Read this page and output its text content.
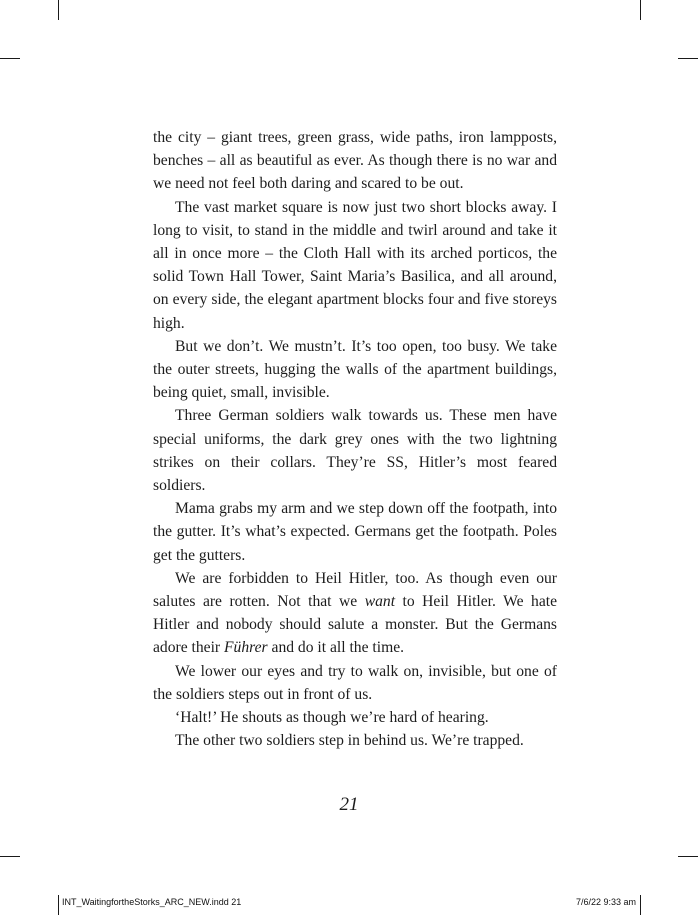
the city – giant trees, green grass, wide paths, iron lampposts, benches – all as beautiful as ever. As though there is no war and we need not feel both daring and scared to be out.

The vast market square is now just two short blocks away. I long to visit, to stand in the middle and twirl around and take it all in once more – the Cloth Hall with its arched porticos, the solid Town Hall Tower, Saint Maria’s Basilica, and all around, on every side, the elegant apartment blocks four and five storeys high.

But we don’t. We mustn’t. It’s too open, too busy. We take the outer streets, hugging the walls of the apartment buildings, being quiet, small, invisible.

Three German soldiers walk towards us. These men have special uniforms, the dark grey ones with the two lightning strikes on their collars. They’re SS, Hitler’s most feared soldiers.

Mama grabs my arm and we step down off the footpath, into the gutter. It’s what’s expected. Germans get the footpath. Poles get the gutters.

We are forbidden to Heil Hitler, too. As though even our salutes are rotten. Not that we want to Heil Hitler. We hate Hitler and nobody should salute a monster. But the Germans adore their Führer and do it all the time.

We lower our eyes and try to walk on, invisible, but one of the soldiers steps out in front of us.

‘Halt!’ He shouts as though we’re hard of hearing.

The other two soldiers step in behind us. We’re trapped.

21
INT_WaitingfortheStorks_ARC_NEW.indd 21	7/6/22 9:33 am
